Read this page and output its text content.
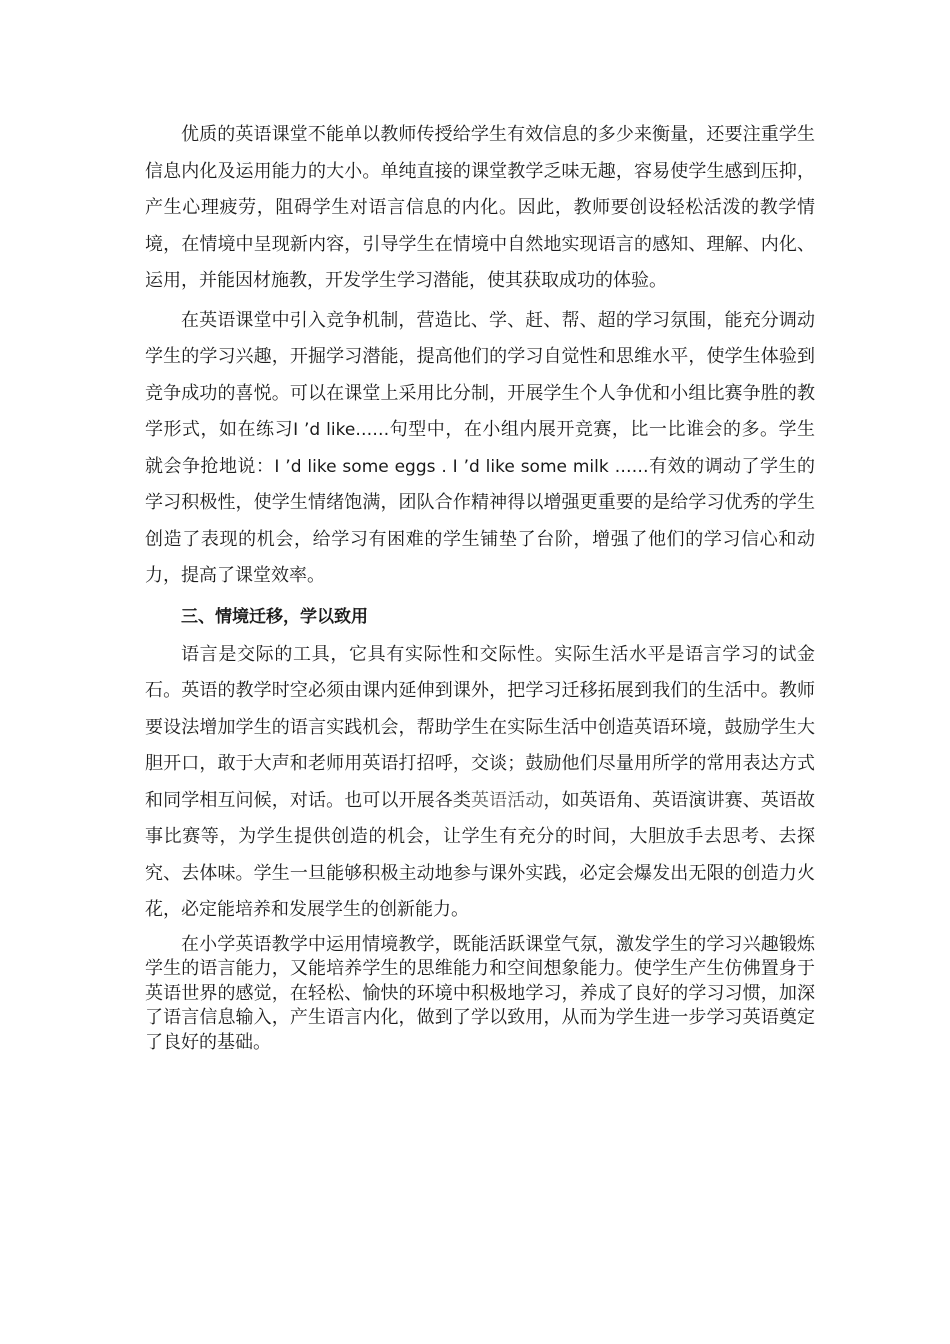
优质的英语课堂不能单以教师传授给学生有效信息的多少来衡量，还要注重学生信息内化及运用能力的大小。单纯直接的课堂教学乏味无趣，容易使学生感到压抑，产生心理疲劳，阻碍学生对语言信息的内化。因此，教师要创设轻松活泼的教学情境，在情境中呈现新内容，引导学生在情境中自然地实现语言的感知、理解、内化、运用，并能因材施教，开发学生学习潜能，使其获取成功的体验。

在英语课堂中引入竞争机制，营造比、学、赶、帮、超的学习氛围，能充分调动学生的学习兴趣，开掘学习潜能，提高他们的学习自觉性和思维水平，使学生体验到竞争成功的喜悦。可以在课堂上采用比分制，开展学生个人争优和小组比赛争胜的教学形式，如在练习I ’d like……句型中，在小组内展开竞赛，比一比谁会的多。学生就会争抢地说：I ’d like some eggs . I ’d like some milk ……有效的调动了学生的学习积极性，使学生情绪饱满，团队合作精神得以增强更重要的是给学习优秀的学生创造了表现的机会，给学习有困难的学生铺垫了台阶，增强了他们的学习信心和动力，提高了课堂效率。

三、情境迁移，学以致用

语言是交际的工具，它具有实际性和交际性。实际生活水平是语言学习的试金石。英语的教学时空必须由课内延伸到课外，把学习迁移拓展到我们的生活中。教师要设法增加学生的语言实践机会，帮助学生在实际生活中创造英语环境，鼓励学生大胆开口，敢于大声和老师用英语打招呼，交谈；鼓励他们尽量用所学的常用表达方式和同学相互问候，对话。也可以开展各类英语活动，如英语角、英语演讲赛、英语故事比赛等，为学生提供创造的机会，让学生有充分的时间，大胆放手去思考、去探究、去体味。学生一旦能够积极主动地参与课外实践，必定会爆发出无限的创造力火花，必定能培养和发展学生的创新能力。

在小学英语教学中运用情境教学，既能活跃课堂气氛，激发学生的学习兴趣锻炼学生的语言能力，又能培养学生的思维能力和空间想象能力。使学生产生仿佛置身于英语世界的感觉，在轻松、愉快的环境中积极地学习，养成了良好的学习习惯，加深了语言信息输入，产生语言内化，做到了学以致用，从而为学生进一步学习英语奠定了良好的基础。
